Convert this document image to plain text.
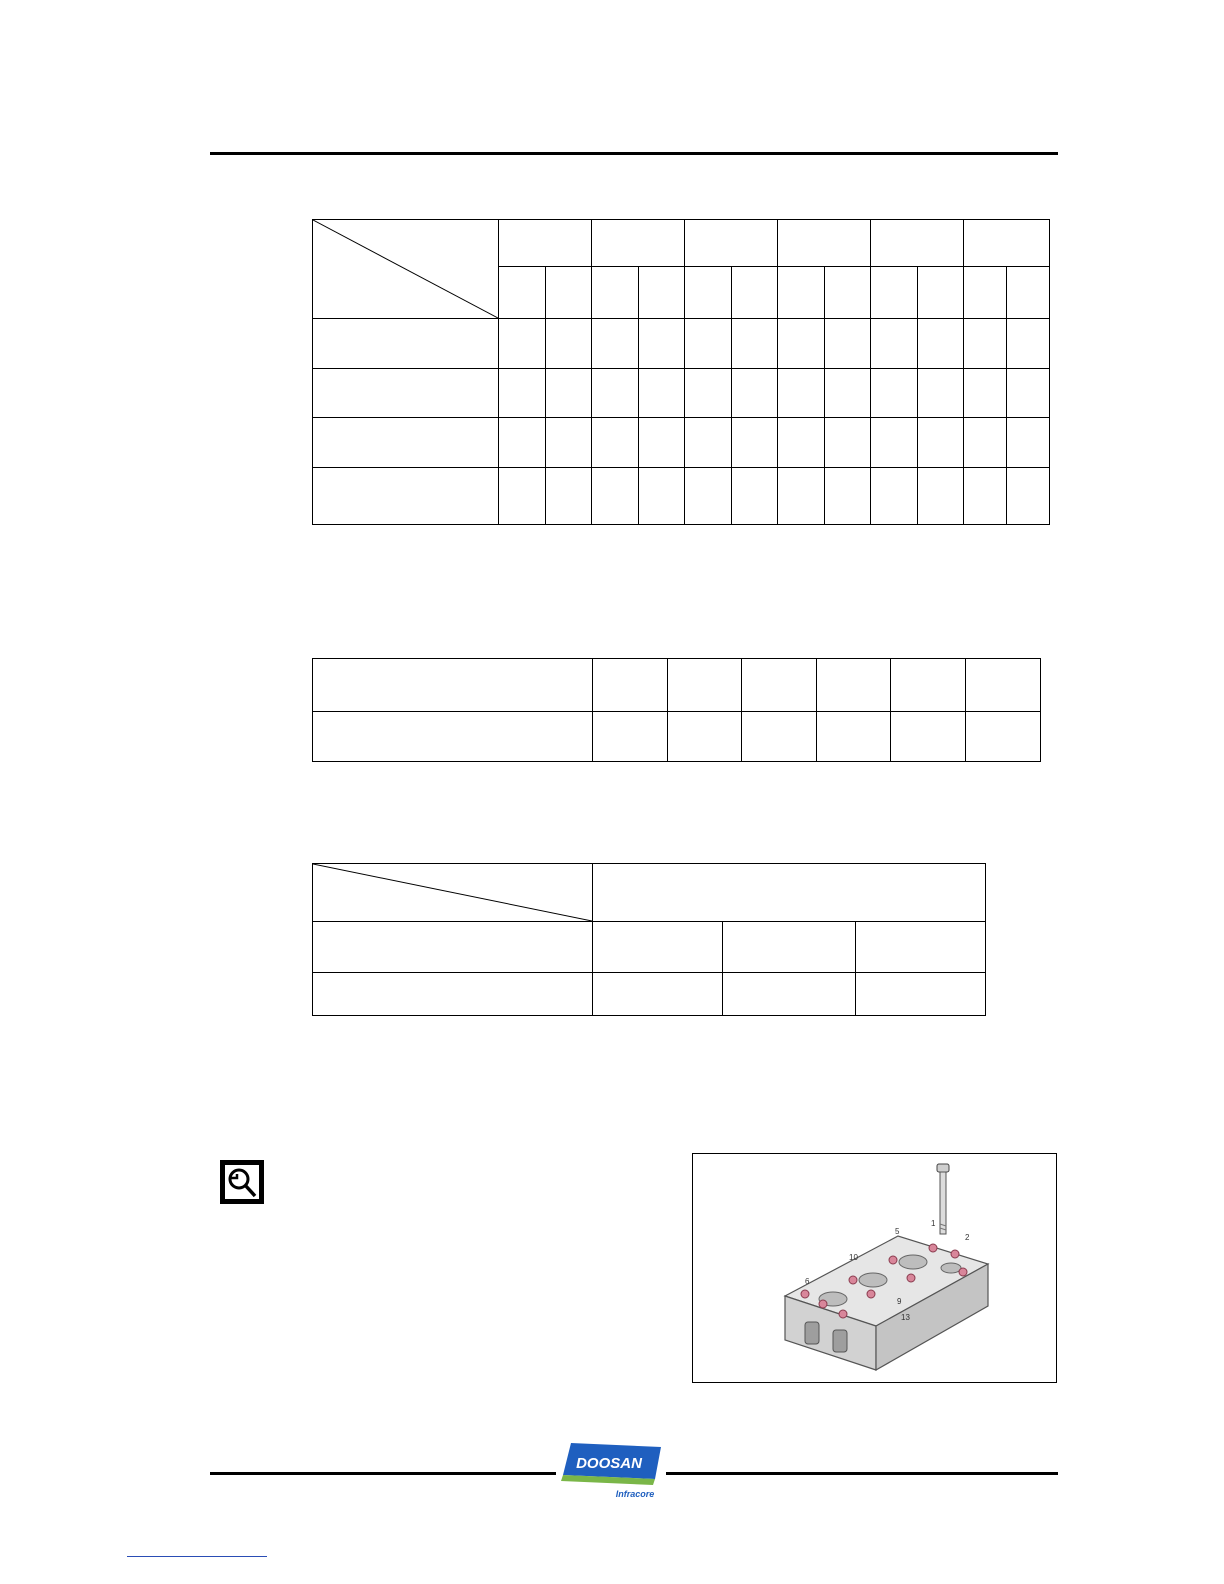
1
2
5
6
9
10
13
DOOSAN
Infracore
